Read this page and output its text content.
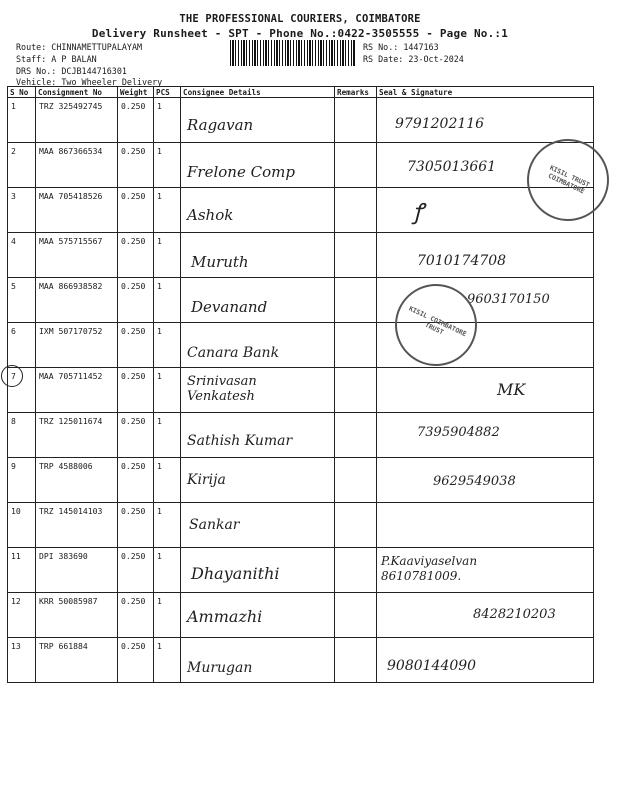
THE PROFESSIONAL COURIERS, COIMBATORE
Delivery Runsheet - SPT - Phone No.:0422-3505555 - Page No.:1
Route: CHINNAMETTUPALAYAM
Staff: A P BALAN
DRS No.: DCJB144716301
Vehicle: Two Wheeler Delivery
RS No.: 1447163
RS Date: 23-Oct-2024
S No	Consignment No	Weight	PCS	Consignee Details	Remarks	Seal & Signature
1	TRZ 325492745	0.250	1	Ragavan		9791202116

2	MAA 867366534	0.250	1	Frelone Comp		7305013661 KISIL TRUST COIMBATORE

3	MAA 705418526	0.250	1	Ashok		ꝭ

4	MAA 575715567	0.250	1	Muruth		7010174708

5	MAA 866938582	0.250	1	Devanand		9603170150
KISIL COIMBATORE TRUST

6	IXM 507170752	0.250	1	Canara Bank		

7	MAA 705711452	0.250	1	Srinivasan Venkatesh		MK

8	TRZ 125011674	0.250	1	Sathish Kumar		7395904882

9	TRP 4588006	0.250	1	Kirija		9629549038

10	TRZ 145014103	0.250	1	Sankar		

11	DPI 383690	0.250	1	Dhayanithi		P.Kaaviyaselvan 8610781009.

12	KRR 50085987	0.250	1	Ammazhi		8428210203

13	TRP 661884	0.250	1	Murugan		9080144090
